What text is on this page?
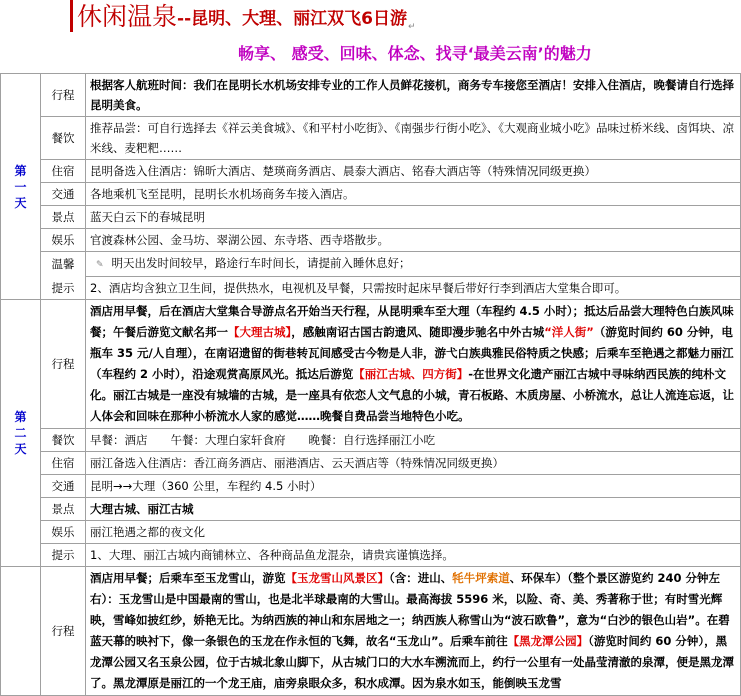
休闲温泉 --昆明、大理、丽江双飞6日游 ↵
畅享、 感受、回味、体念、找寻‘最美云南’的魅力
第一天	行程	根据客人航班时间：我们在昆明长水机场安排专业的工作人员鲜花接机，商务专车接您至酒店！安排入住酒店，晚餐请自行选择昆明美食。
	餐饮	推荐品尝：可自行选择去《祥云美食城》、《和平村小吃街》、《南强步行街小吃》、《大观商业城小吃》品味过桥米线、卤饵块、凉米线、麦粑粑……
	住宿	昆明备选入住酒店：锦昕大酒店、楚瑛商务酒店、晨泰大酒店、铭春大酒店等（特殊情况同级更换）
	交通	各地乘机飞至昆明，昆明长水机场商务车接入酒店。
	景点	蓝天白云下的春城昆明
	娱乐	官渡森林公园、金马坊、翠湖公园、东寺塔、西寺塔散步。
	温馨	✎ 明天出发时间较早，路途行车时间长，请提前入睡休息好；
	提示	2、酒店均含独立卫生间，提供热水，电视机及早餐，只需按时起床早餐后带好行李到酒店大堂集合即可。

第二天	行程	酒店用早餐，后在酒店大堂集合导游点名开始当天行程，从昆明乘车至大理（车程约 4.5 小时）；抵达后品尝大理特色白族风味餐；午餐后游览文献名邦一【大理古城】，感触南诏古国古韵遗风、随即漫步驰名中外古城“洋人街”（游览时间约 60 分钟，电瓶车 35 元/人自理），在南诏遗留的街巷转瓦间感受古今物是人非，游弋白族典雅民俗特质之快感；后乘车至艳遇之都魅力丽江（车程约 2 小时），沿途观赏高原风光。抵达后游览【丽江古城、四方街】-在世界文化遗产丽江古城中寻味纳西民族的纯朴文化。丽江古城是一座没有城墙的古城，是一座具有依恋人文气息的小城，青石板路、木质房屋、小桥流水，总让人流连忘返，让人体会和回味在那种小桥流水人家的感觉……晚餐自费品尝当地特色小吃。
	餐饮	早餐：酒店　　午餐：大理白家轩食府　　晚餐：自行选择丽江小吃
	住宿	丽江备选入住酒店：香江商务酒店、丽港酒店、云天酒店等（特殊情况同级更换）
	交通	昆明→→大理（360 公里，车程约 4.5 小时）
	景点	大理古城、丽江古城
	娱乐	丽江艳遇之都的夜文化
	提示	1、大理、丽江古城内商铺林立、各种商品鱼龙混杂，请贵宾谨慎选择。
	行程	酒店用早餐；后乘车至玉龙雪山，游览【玉龙雪山风景区】（含：进山、牦牛坪索道、环保车）（整个景区游览约 240 分钟左右）：玉龙雪山是中国最南的雪山，也是北半球最南的大雪山。最高海拔 5596 米，以险、奇、美、秀著称于世；有时雪光辉映，雪峰如披红纱，娇艳无比。为纳西族的神山和东居地之一；纳西族人称雪山为“波石欧鲁”，意为“白沙的银色山岩”。在碧蓝天幕的映衬下，像一条银色的玉龙在作永恒的飞舞，故名“玉龙山”。后乘车前往【黑龙潭公园】（游览时间约 60 分钟），黑龙潭公园又名玉泉公园，位于古城北象山脚下，从古城门口的大水车溯流而上，约行一公里有一处晶莹清澈的泉潭，便是黑龙潭了。黑龙潭原是丽江的一个龙王庙，庙旁泉眼众多，积水成潭。因为泉水如玉，能倒映玉龙雪
